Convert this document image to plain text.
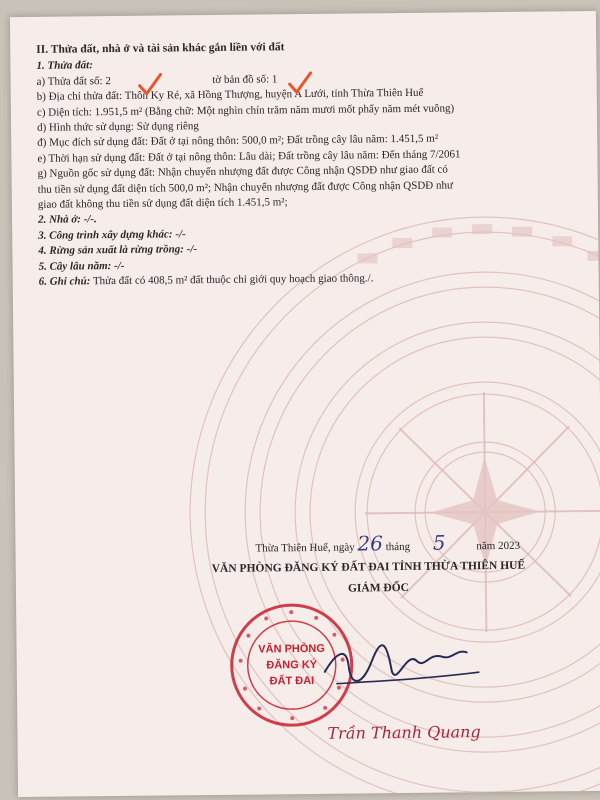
II. Thửa đất, nhà ở và tài sản khác gắn liền với đất
1. Thửa đất:
a) Thửa đất số: 2	tờ bản đồ số: 1
b) Địa chỉ thửa đất: Thôn Ky Ré, xã Hồng Thượng, huyện A Lưới, tỉnh Thừa Thiên Huế
c) Diện tích: 1.951,5 m² (Bằng chữ: Một nghìn chín trăm năm mươi mốt phẩy năm mét vuông)
d) Hình thức sử dụng: Sử dụng riêng
đ) Mục đích sử dụng đất: Đất ở tại nông thôn: 500,0 m²; Đất trồng cây lâu năm: 1.451,5 m²
e) Thời hạn sử dụng đất: Đất ở tại nông thôn: Lâu dài; Đất trồng cây lâu năm: Đến tháng 7/2061
g) Nguồn gốc sử dụng đất: Nhận chuyển nhượng đất được Công nhận QSDĐ như giao đất có
thu tiền sử dụng đất diện tích 500,0 m²; Nhận chuyển nhượng đất được Công nhận QSDĐ như
giao đất không thu tiền sử dụng đất diện tích 1.451,5 m²;
2. Nhà ở: -/-.
3. Công trình xây dựng khác: -/-
4. Rừng sản xuất là rừng trồng: -/-
5. Cây lâu năm: -/-
6. Ghi chú: Thửa đất có 408,5 m² đất thuộc chỉ giới quy hoạch giao thông./.
Thừa Thiên Huế, ngày 26 tháng 5	năm 2023
VĂN PHÒNG ĐĂNG KÝ ĐẤT ĐAI TỈNH THỪA THIÊN HUẾ
GIÁM ĐỐC
VĂN PHÒNG
ĐĂNG KÝ
ĐẤT ĐAI
Trần Thanh Quang
